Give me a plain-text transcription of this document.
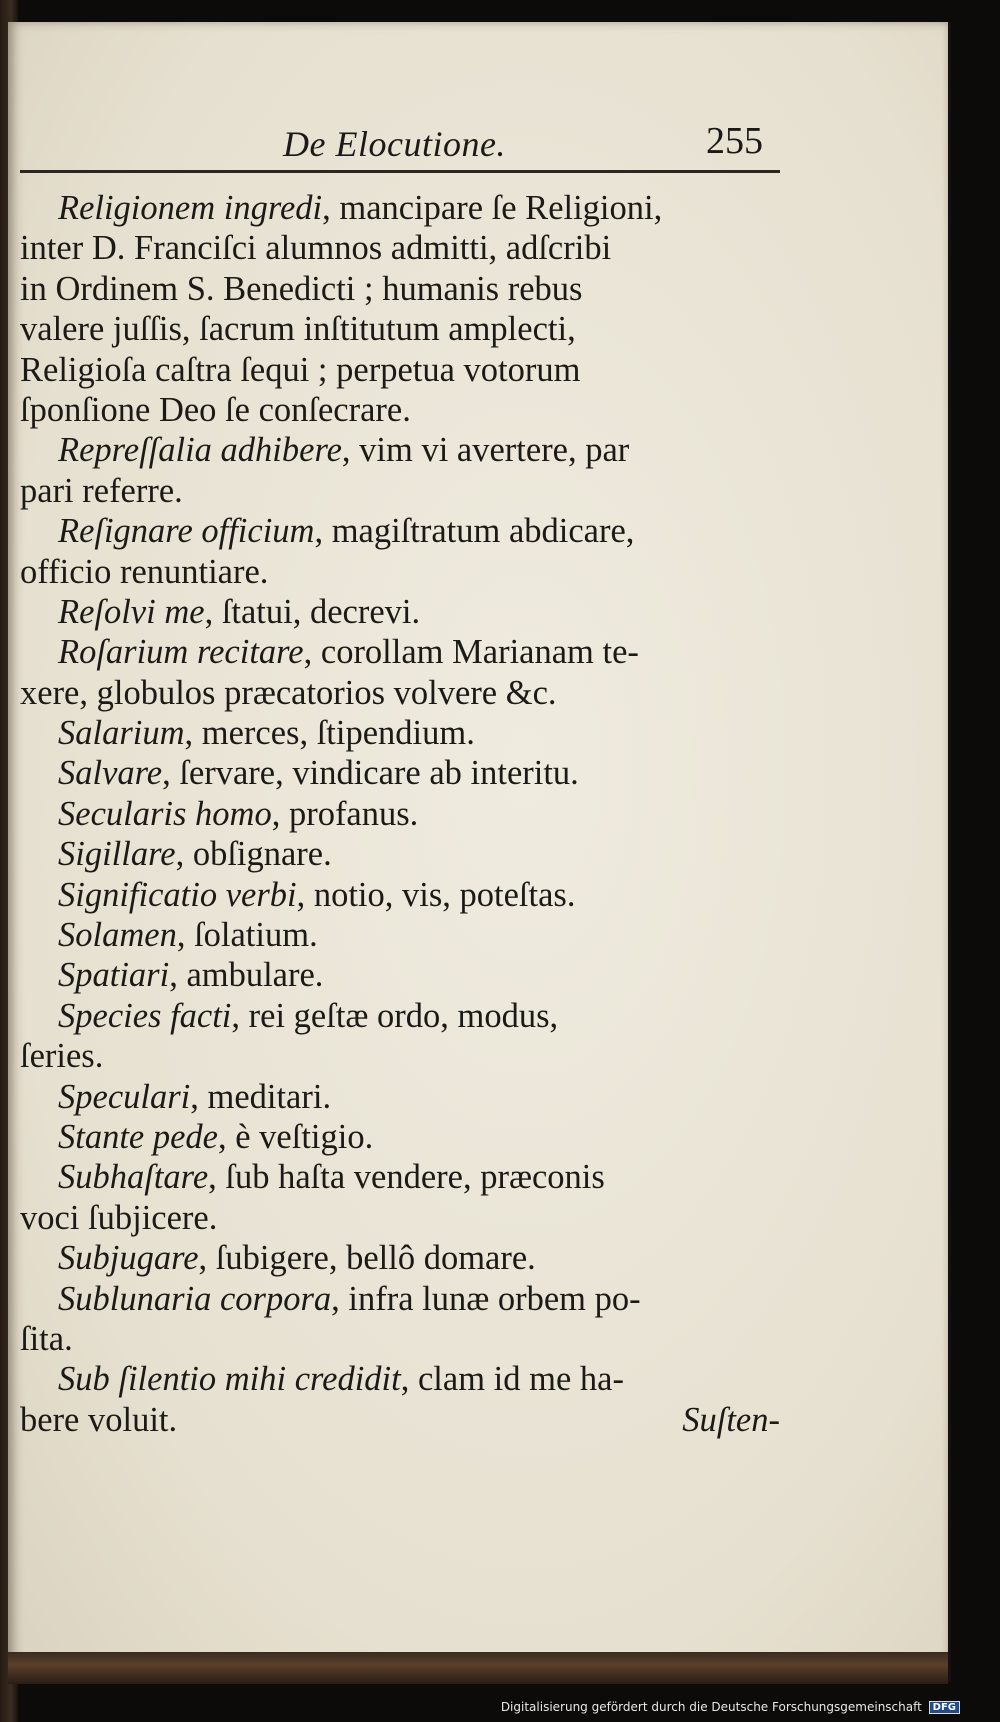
De Elocutione.	255
Religionem ingredi, mancipare ſe Religioni,
inter D. Franciſci alumnos admitti, adſcribi
in Ordinem S. Benedicti ; humanis rebus
valere juſſis, ſacrum inſtitutum amplecti,
Religioſa caſtra ſequi ; perpetua votorum
ſponſione Deo ſe conſecrare.
Repreſſalia adhibere, vim vi avertere, par
pari referre.
Reſignare officium, magiſtratum abdicare,
officio renuntiare.
Reſolvi me, ſtatui, decrevi.
Roſarium recitare, corollam Marianam te-
xere, globulos præcatorios volvere &c.
Salarium, merces, ſtipendium.
Salvare, ſervare, vindicare ab interitu.
Secularis homo, profanus.
Sigillare, obſignare.
Significatio verbi, notio, vis, poteſtas.
Solamen, ſolatium.
Spatiari, ambulare.
Species facti, rei geſtæ ordo, modus,
ſeries.
Speculari, meditari.
Stante pede, è veſtigio.
Subhaſtare, ſub haſta vendere, præconis
voci ſubjicere.
Subjugare, ſubigere, bellô domare.
Sublunaria corpora, infra lunæ orbem po-
ſita.
Sub ſilentio mihi credidit, clam id me ha-
bere voluit.	Suſten-
Digitalisierung gefördert durch die Deutsche Forschungsgemeinschaft DFG
